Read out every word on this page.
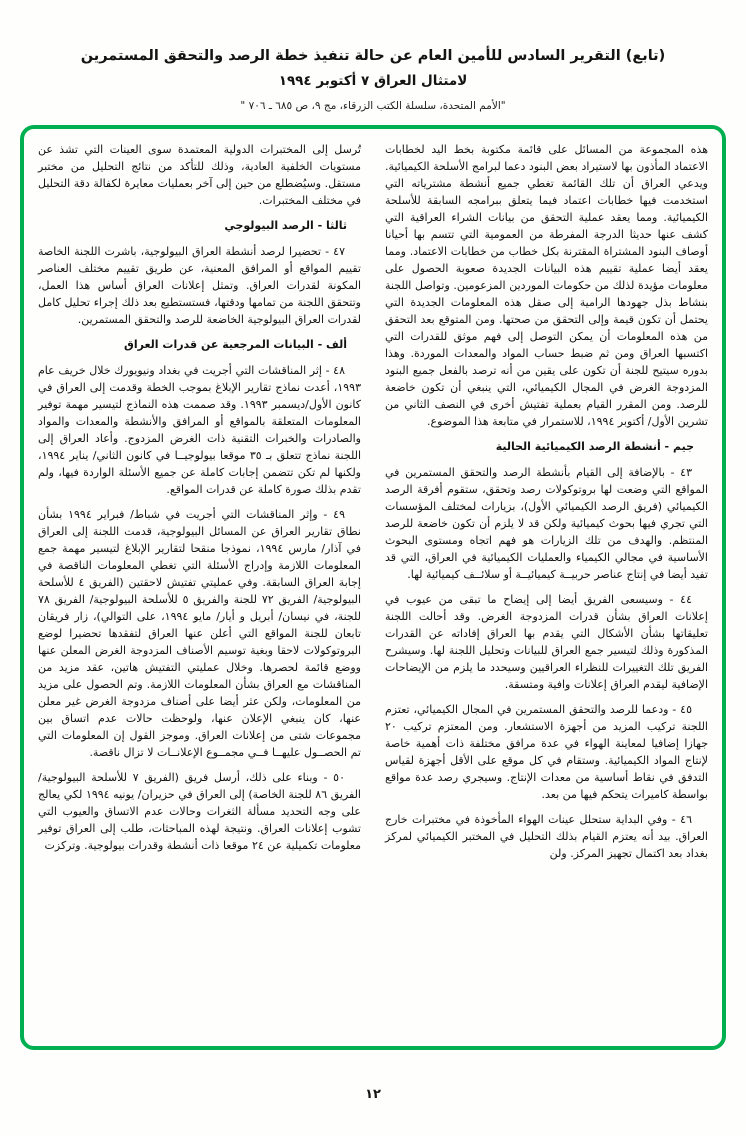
(تابع) التقرير السادس للأمين العام عن حالة تنفيذ خطة الرصد والتحقق المستمرين
لامتثال العراق ٧ أكتوبر ١٩٩٤
"الأمم المتحدة، سلسلة الكتب الزرقاء، مج ٩، ص ٦٨٥ ـ ٧٠٦ "
هذه المجموعة من المسائل على قائمة مكتوبة بخط اليد لخطابات الاعتماد المأذون بها لاستيراد بعض البنود دعما لبرامج الأسلحة الكيميائية. ويدعي العراق أن تلك القائمة تغطي جميع أنشطة مشترياته التي استخدمت فيها خطابات اعتماد فيما يتعلق ببرامجه السابقة للأسلحة الكيميائية. ومما يعقد عملية التحقق من بيانات الشراء العراقية التي كشف عنها حديثا الدرجة المفرطة من العمومية التي تتسم بها أحيانا أوصاف البنود المشتراة المقترنة بكل خطاب من خطابات الاعتماد. ومما يعقد أيضا عملية تقييم هذه البيانات الجديدة صعوبة الحصول على معلومات مؤيدة لذلك من حكومات الموردين المزعومين. وتواصل اللجنة بنشاط بذل جهودها الرامية إلى صقل هذه المعلومات الجديدة التي يحتمل أن تكون قيمة وإلى التحقق من صحتها. ومن المتوقع بعد التحقق من هذه المعلومات أن يمكن التوصل إلى فهم موثق للقدرات التي اكتسبها العراق ومن ثم ضبط حساب المواد والمعدات الموردة. وهذا بدوره سيتيح للجنة أن تكون على يقين من أنه ترصد بالفعل جميع البنود المزدوجة الغرض في المجال الكيميائي، التي ينبغي أن تكون خاضعة للرصد. ومن المقرر القيام بعملية تفتيش أخرى في النصف الثاني من تشرين الأول/ أكتوبر ١٩٩٤، للاستمرار في متابعة هذا الموضوع.
جيم - أنشطة الرصد الكيميائية الحالية
٤٣ - بالإضافة إلى القيام بأنشطة الرصد والتحقق المستمرين في المواقع التي وضعت لها بروتوكولات رصد وتحقق، ستقوم أفرقة الرصد الكيميائي (فريق الرصد الكيميائي الأول)، بزيارات لمختلف المؤسسات التي تجري فيها بحوث كيميائية ولكن قد لا يلزم أن تكون خاضعة للرصد المنتظم. والهدف من تلك الزيارات هو فهم اتجاه ومستوى البحوث الأساسية في مجالي الكيمياء والعمليات الكيميائية في العراق، التي قد تفيد أيضا في إنتاج عناصر حربيــة كيميائيــة أو سلائــف كيميائية لها.
٤٤ - وسيسعى الفريق أيضا إلى إيضاح ما تبقى من عيوب في إعلانات العراق بشأن قدرات المزدوجة الغرض. وقد أحالت اللجنة تعليقاتها بشأن الأشكال التي يقدم بها العراق إفاداته عن القدرات المذكورة وذلك لتيسير جمع العراق للبيانات وتحليل اللجنة لها. وسيشرح الفريق تلك التغييرات للنظراء العراقيين وسيحدد ما يلزم من الإيضاحات الإضافية ليقدم العراق إعلانات وافية ومتسقة.
٤٥ - ودعما للرصد والتحقق المستمرين في المجال الكيميائي، تعتزم اللجنة تركيب المزيد من أجهزة الاستشعار. ومن المعتزم تركيب ٢٠ جهازا إضافيا لمعاينة الهواء في عدة مرافق مختلفة ذات أهمية خاصة لإنتاج المواد الكيميائية. وستقام في كل موقع على الأقل أجهزة لقياس التدفق في نقاط أساسية من معدات الإنتاج. وسيجري رصد عدة مواقع بواسطة كاميرات يتحكم فيها من بعد.
٤٦ - وفي البداية ستحلل عينات الهواء المأخوذة في مختبرات خارج العراق. بيد أنه يعتزم القيام بذلك التحليل في المختبر الكيميائي لمركز بغداد بعد اكتمال تجهيز المركز. ولن
تُرسل إلى المختبرات الدولية المعتمدة سوى العينات التي تشذ عن مستويات الخلفية العادية، وذلك للتأكد من نتائج التحليل من مختبر مستقل. وسيُضطلع من حين إلى آخر بعمليات معايرة لكفالة دقة التحليل في مختلف المختبرات.
ثالثا - الرصد البيولوجي
٤٧ - تحضيرا لرصد أنشطة العراق البيولوجية، باشرت اللجنة الخاصة تقييم المواقع أو المرافق المعنية، عن طريق تقييم مختلف العناصر المكونة لقدرات العراق. وتمثل إعلانات العراق أساس هذا العمل، وتتحقق اللجنة من تمامها ودقتها، فستستطيع بعد ذلك إجراء تحليل كامل لقدرات العراق البيولوجية الخاضعة للرصد والتحقق المستمرين.
ألف - البيانات المرجعية عن قدرات العراق
٤٨ - إثر المناقشات التي أجريت في بغداد ونيويورك خلال خريف عام ١٩٩٣، أعدت نماذج تقارير الإبلاغ بموجب الخطة وقدمت إلى العراق في كانون الأول/ديسمبر ١٩٩٣. وقد صممت هذه النماذج لتيسير مهمة توفير المعلومات المتعلقة بالمواقع أو المرافق والأنشطة والمعدات والمواد والصادرات والخبرات التقنية ذات الغرض المزدوج. وأعاد العراق إلى اللجنة نماذج تتعلق بـ ٣٥ موقعا بيولوجيــا في كانون الثاني/ يناير ١٩٩٤، ولكنها لم تكن تتضمن إجابات كاملة عن جميع الأسئلة الواردة فيها، ولم تقدم بذلك صورة كاملة عن قدرات المواقع.
٤٩ - وإثر المناقشات التي أجريت في شباط/ فبراير ١٩٩٤ بشأن نطاق تقارير العراق عن المسائل البيولوجية، قدمت اللجنة إلى العراق في آذار/ مارس ١٩٩٤، نموذجا منقحا لتقارير الإبلاغ لتيسير مهمة جمع المعلومات اللازمة وإدراج الأسئلة التي تغطي المعلومات الناقصة في إجابة العراق السابقة. وفي عمليتي تفتيش لاحقتين (الفريق ٤ للأسلحة البيولوجية/ الفريق ٧٢ للجنة والفريق ٥ للأسلحة البيولوجية/ الفريق ٧٨ للجنة، في نيسان/ أبريل و أيار/ مايو ١٩٩٤، على التوالي)، زار فريقان تابعان للجنة المواقع التي أعلن عنها العراق لتفقدها تحضيرا لوضع البروتوكولات لاحقا وبغية توسيم الأصناف المزدوجة الغرض المعلن عنها ووضع قائمة لحصرها. وخلال عمليتي التفتيش هاتين، عقد مزيد من المناقشات مع العراق بشأن المعلومات اللازمة. وتم الحصول على مزيد من المعلومات، ولكن عثر أيضا على أصناف مزدوجة الغرض غير معلن عنها، كان ينبغي الإعلان عنها، ولوحظت حالات عدم اتساق بين مجموعات شتى من إعلانات العراق. وموجز القول إن المعلومات التي تم الحصــول عليهــا فــي مجمــوع الإعلانــات لا تزال ناقصة.
٥٠ - وبناء على ذلك، أرسل فريق (الفريق ٧ للأسلحة البيولوجية/ الفريق ٨٦ للجنة الخاصة) إلى العراق في حزيران/ يونيه ١٩٩٤ لكي يعالج على وجه التحديد مسألة الثغرات وحالات عدم الاتساق والعيوب التي تشوب إعلانات العراق. ونتيجة لهذه المباحثات، طلب إلى العراق توفير معلومات تكميلية عن ٢٤ موقعا ذات أنشطة وقدرات بيولوجية. وتركزت
١٢
